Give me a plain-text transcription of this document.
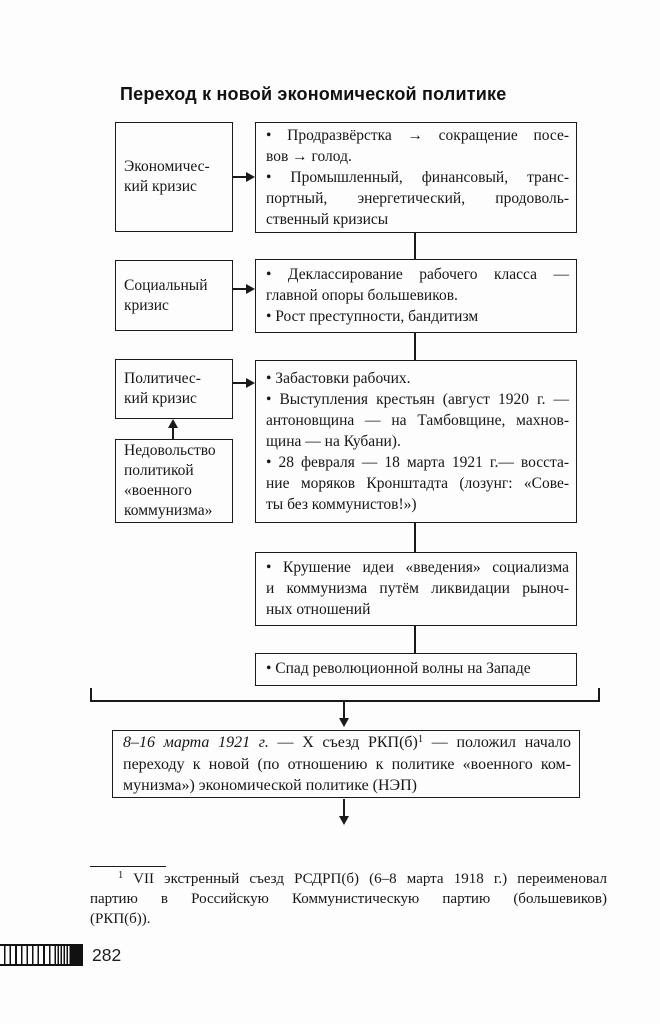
Переход к новой экономической политике
Экономичес-
кий кризис
• Продразвёрстка → сокращение посе-
вов → голод.
• Промышленный, финансовый, транс-
портный, энергетический, продоволь-
ственный кризисы
Социальный
кризис
• Деклассирование рабочего класса —
главной опоры большевиков.
• Рост преступности, бандитизм
Политичес-
кий кризис
Недовольство
политикой
«военного
коммунизма»
• Забастовки рабочих.
• Выступления крестьян (август 1920 г. —
антоновщина — на Тамбовщине, махнов-
щина — на Кубани).
• 28 февраля — 18 марта 1921 г.— восста-
ние моряков Кронштадта (лозунг: «Сове-
ты без коммунистов!»)
• Крушение идеи «введения» социализма
и коммунизма путём ликвидации рыноч-
ных отношений
• Спад революционной волны на Западе
8–16 марта 1921 г. — X съезд $РКП(б)^1$ — положил начало
переходу к новой (по отношению к политике «военного ком-
мунизма») экономической политике (НЭП)
$^1$ VII экстренный съезд РСДРП(б) (6–8 марта 1918 г.) переименовал
партию в Российскую Коммунистическую партию (большевиков)
(РКП(б)).
282
